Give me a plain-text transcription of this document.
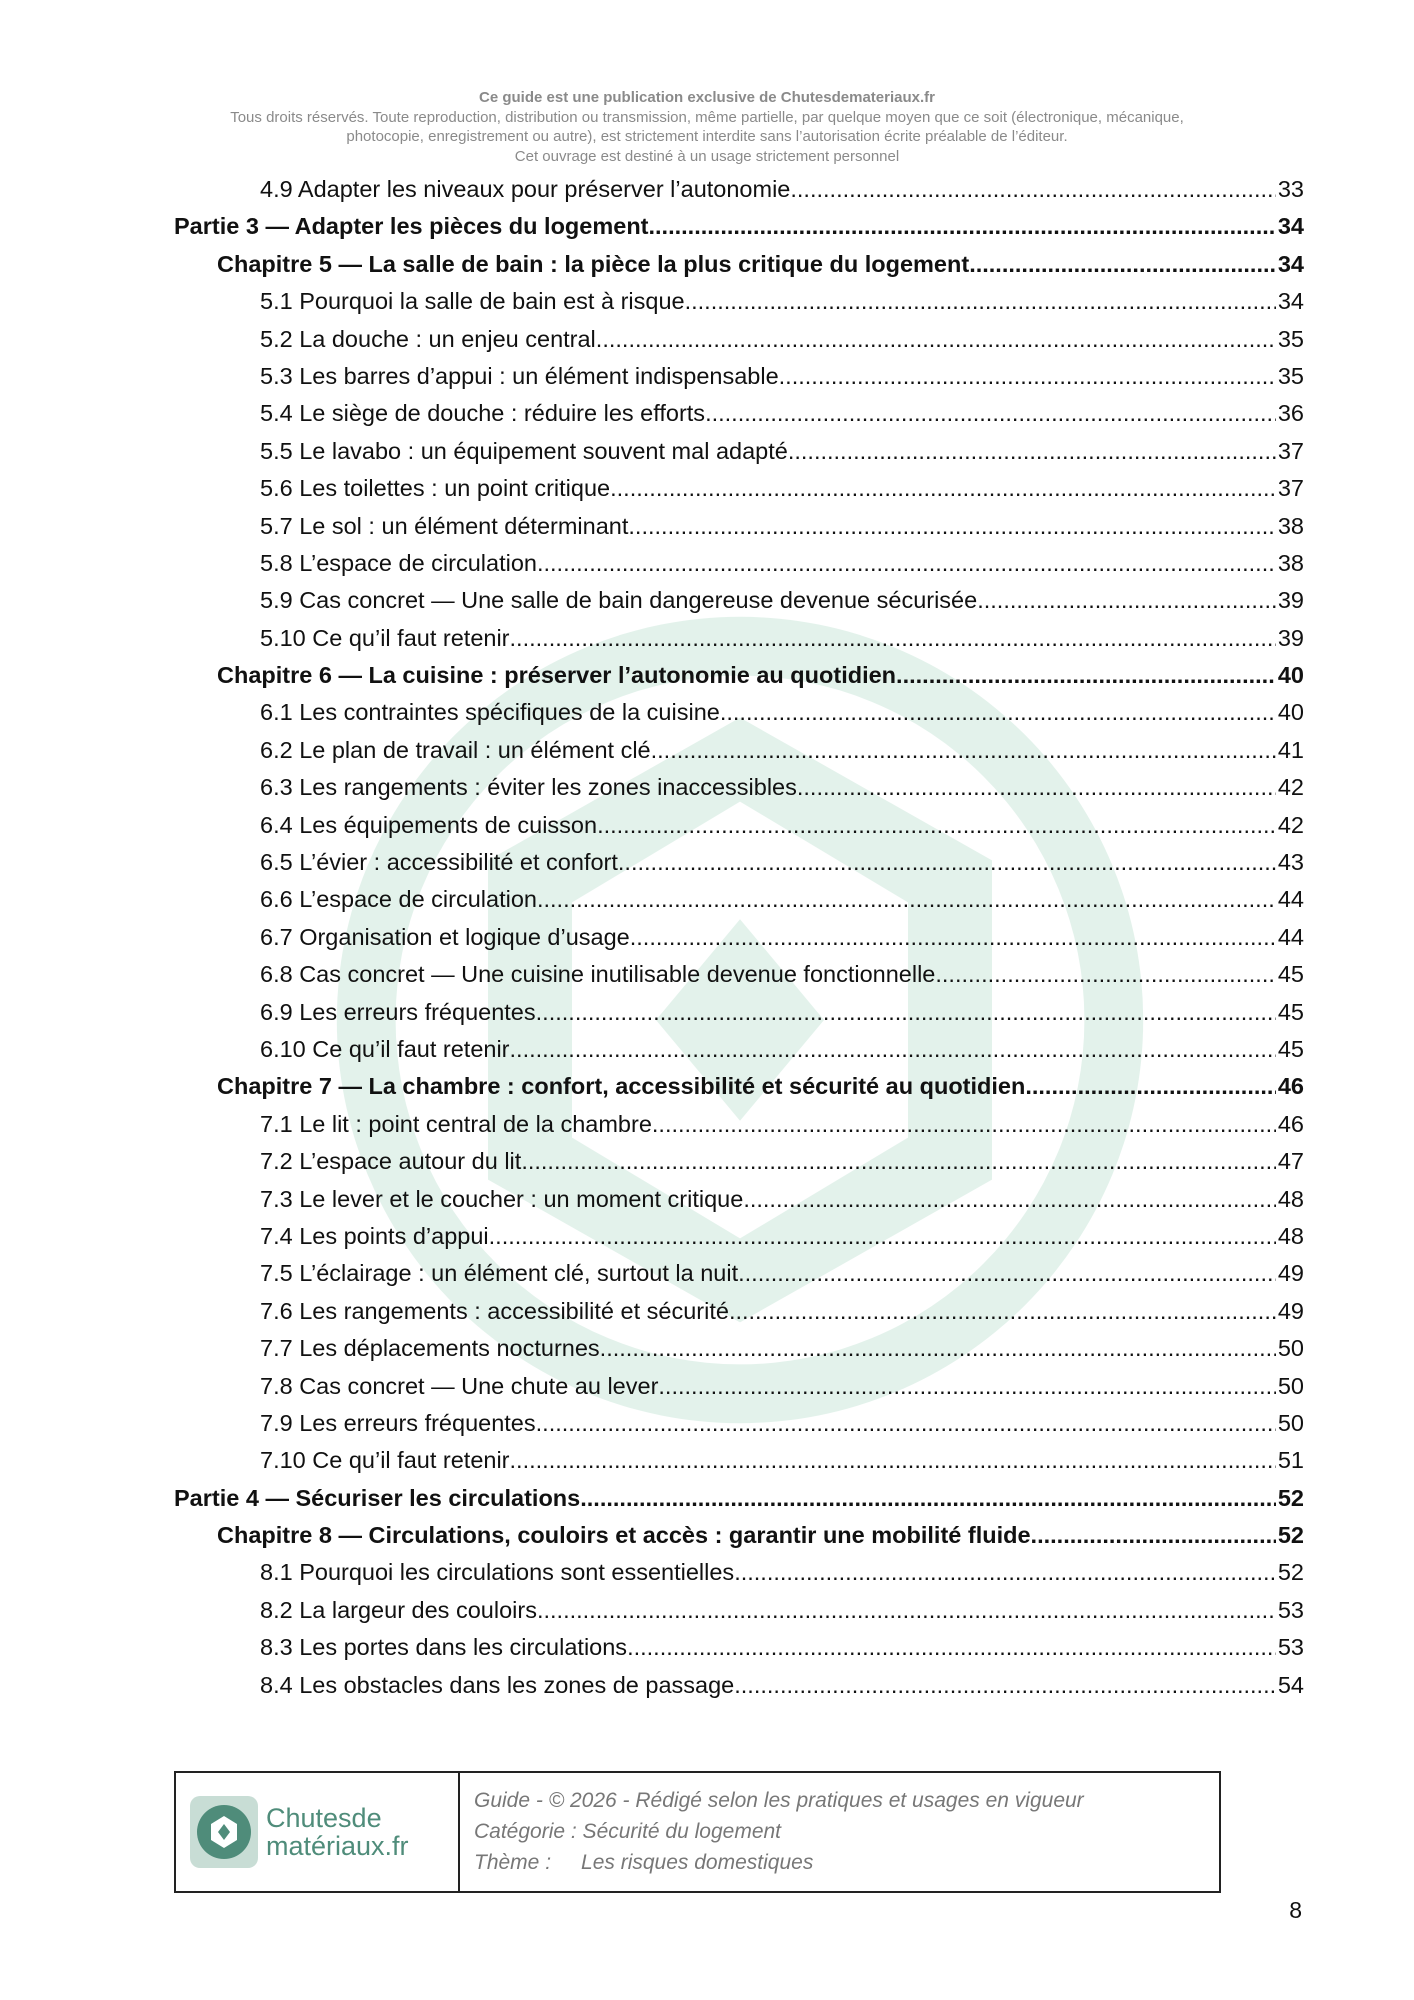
Ce guide est une publication exclusive de Chutesdemateriaux.fr
Tous droits réservés. Toute reproduction, distribution ou transmission, même partielle, par quelque moyen que ce soit (électronique, mécanique,
photocopie, enregistrement ou autre), est strictement interdite sans l’autorisation écrite préalable de l’éditeur.
Cet ouvrage est destiné à un usage strictement personnel
4.9 Adapter les niveaux pour préserver l’autonomie .....	33
Partie 3 — Adapter les pièces du logement .....	34
Chapitre 5 — La salle de bain : la pièce la plus critique du logement .....	34
5.1 Pourquoi la salle de bain est à risque .....	34
5.2 La douche : un enjeu central .....	35
5.3 Les barres d’appui : un élément indispensable .....	35
5.4 Le siège de douche : réduire les efforts .....	36
5.5 Le lavabo : un équipement souvent mal adapté .....	37
5.6 Les toilettes : un point critique .....	37
5.7 Le sol : un élément déterminant .....	38
5.8 L’espace de circulation .....	38
5.9 Cas concret — Une salle de bain dangereuse devenue sécurisée .....	39
5.10 Ce qu’il faut retenir .....	39
Chapitre 6 — La cuisine : préserver l’autonomie au quotidien .....	40
6.1 Les contraintes spécifiques de la cuisine .....	40
6.2 Le plan de travail : un élément clé .....	41
6.3 Les rangements : éviter les zones inaccessibles .....	42
6.4 Les équipements de cuisson .....	42
6.5 L’évier : accessibilité et confort .....	43
6.6 L’espace de circulation .....	44
6.7 Organisation et logique d’usage .....	44
6.8 Cas concret — Une cuisine inutilisable devenue fonctionnelle .....	45
6.9 Les erreurs fréquentes .....	45
6.10 Ce qu’il faut retenir .....	45
Chapitre 7 — La chambre : confort, accessibilité et sécurité au quotidien .....	46
7.1 Le lit : point central de la chambre .....	46
7.2 L’espace autour du lit .....	47
7.3 Le lever et le coucher : un moment critique .....	48
7.4 Les points d’appui .....	48
7.5 L’éclairage : un élément clé, surtout la nuit .....	49
7.6 Les rangements : accessibilité et sécurité .....	49
7.7 Les déplacements nocturnes .....	50
7.8 Cas concret — Une chute au lever .....	50
7.9 Les erreurs fréquentes .....	50
7.10 Ce qu’il faut retenir .....	51
Partie 4 — Sécuriser les circulations .....	52
Chapitre 8 — Circulations, couloirs et accès : garantir une mobilité fluide .....	52
8.1 Pourquoi les circulations sont essentielles .....	52
8.2 La largeur des couloirs .....	53
8.3 Les portes dans les circulations .....	53
8.4 Les obstacles dans les zones de passage .....	54
Chutesde
matériaux.fr
Guide - © 2026 - Rédigé selon les pratiques et usages en vigueur
Catégorie : Sécurité du logement
Thème : Les risques domestiques
8
